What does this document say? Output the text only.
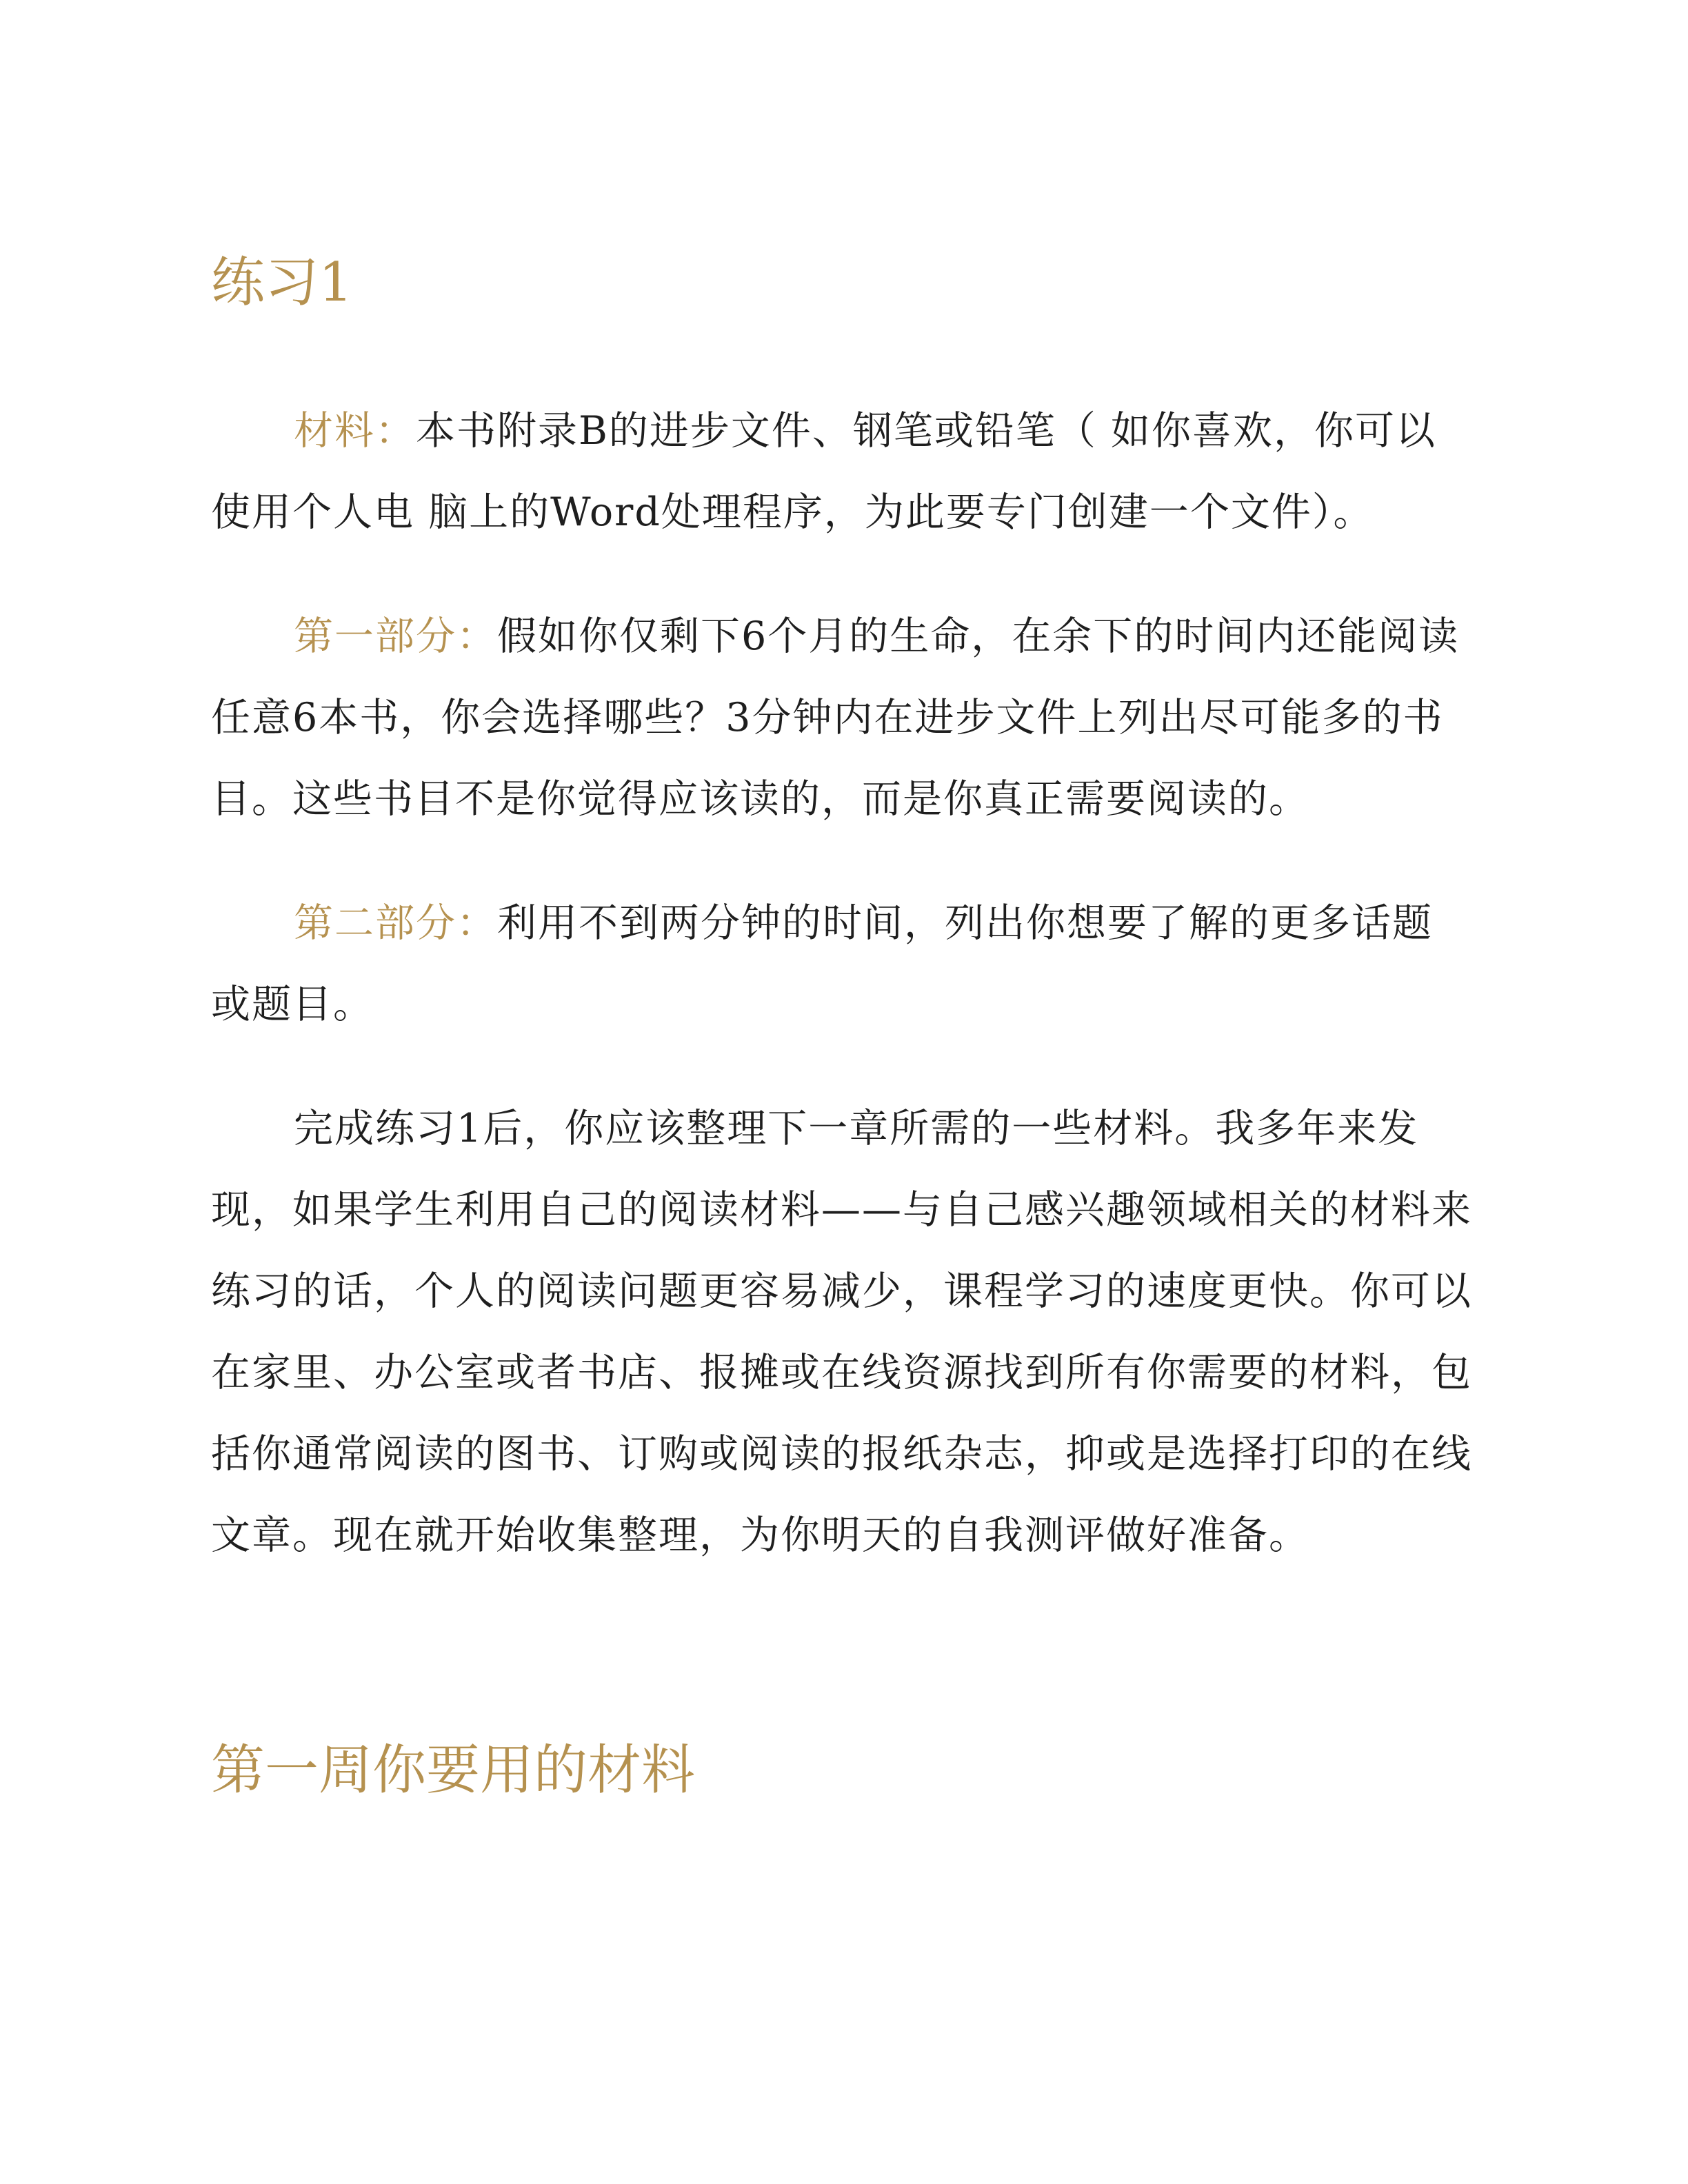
练习1

材料：本书附录B的进步文件、钢笔或铅笔（ 如你喜欢，你可以使用个人电 脑上的Word处理程序，为此要专门创建一个文件）。

第一部分：假如你仅剩下6个月的生命，在余下的时间内还能阅读任意6本书，你会选择哪些？3分钟内在进步文件上列出尽可能多的书目。这些书目不是你觉得应该读的，而是你真正需要阅读的。

第二部分：利用不到两分钟的时间，列出你想要了解的更多话题或题目。

完成练习1后，你应该整理下一章所需的一些材料。我多年来发现，如果学生利用自己的阅读材料——与自己感兴趣领域相关的材料来练习的话，个人的阅读问题更容易减少，课程学习的速度更快。你可以在家里、办公室或者书店、报摊或在线资源找到所有你需要的材料，包括你通常阅读的图书、订购或阅读的报纸杂志，抑或是选择打印的在线文章。现在就开始收集整理，为你明天的自我测评做好准备。

第一周你要用的材料
